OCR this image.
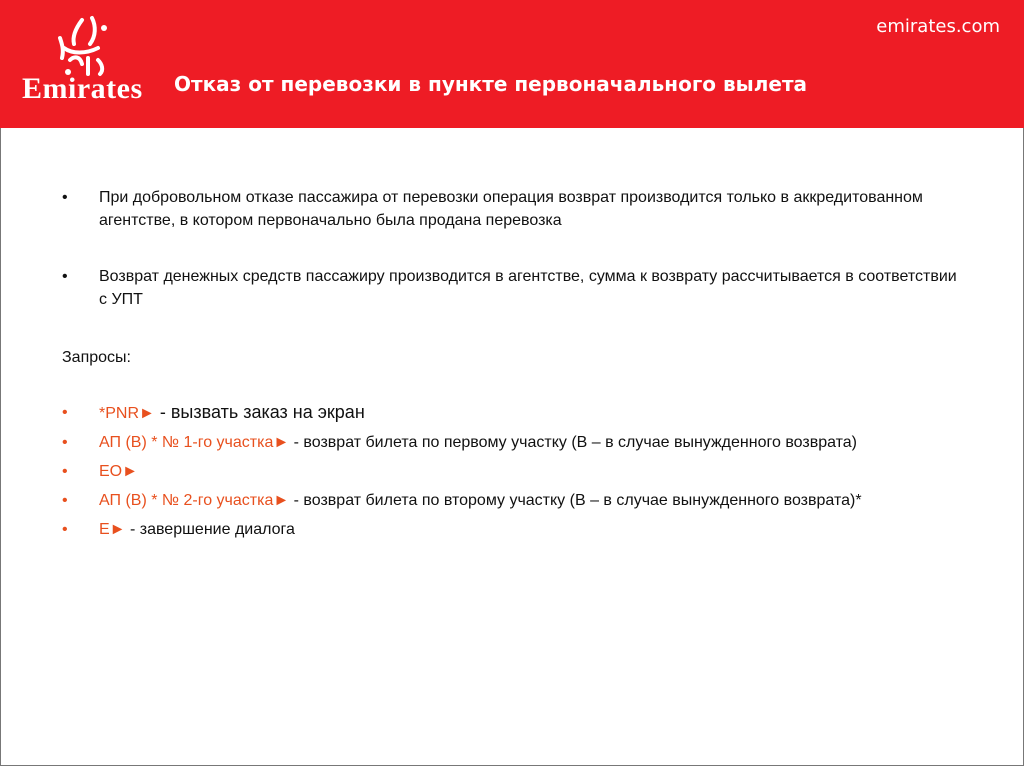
Emirates
emirates.com
Отказ от перевозки в пункте первоначального вылета
• При добровольном отказе пассажира от перевозки операция возврат производится только в аккредитованном агентстве, в котором первоначально была продана перевозка
• Возврат денежных средств пассажиру производится в агентстве, сумма к возврату рассчитывается в соответствии с УПТ
Запросы:
• *PNR► - вызвать заказ на экран
• АП (В) * № 1-го участка► - возврат билета по первому участку (В – в случае вынужденного возврата)
• ЕО►
• АП (В) * № 2-го участка► - возврат билета по второму участку (В – в случае вынужденного возврата)*
• Е► - завершение диалога
